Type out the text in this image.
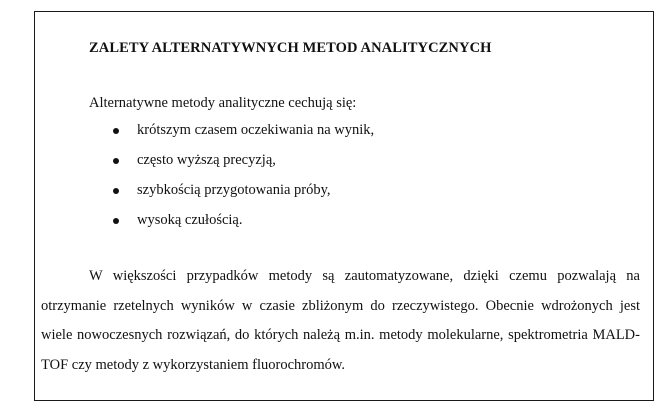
ZALETY ALTERNATYWNYCH METOD ANALITYCZNYCH
Alternatywne metody analityczne cechują się:
krótszym czasem oczekiwania na wynik,
często wyższą precyzją,
szybkością przygotowania próby,
wysoką czułością.

W większości przypadków metody są zautomatyzowane, dzięki czemu pozwalają na otrzymanie rzetelnych wyników w czasie zbliżonym do rzeczywistego. Obecnie wdrożonych jest wiele nowoczesnych rozwiązań, do których należą m.in. metody molekularne, spektrometria MALD-TOF czy metody z wykorzystaniem fluorochromów.
